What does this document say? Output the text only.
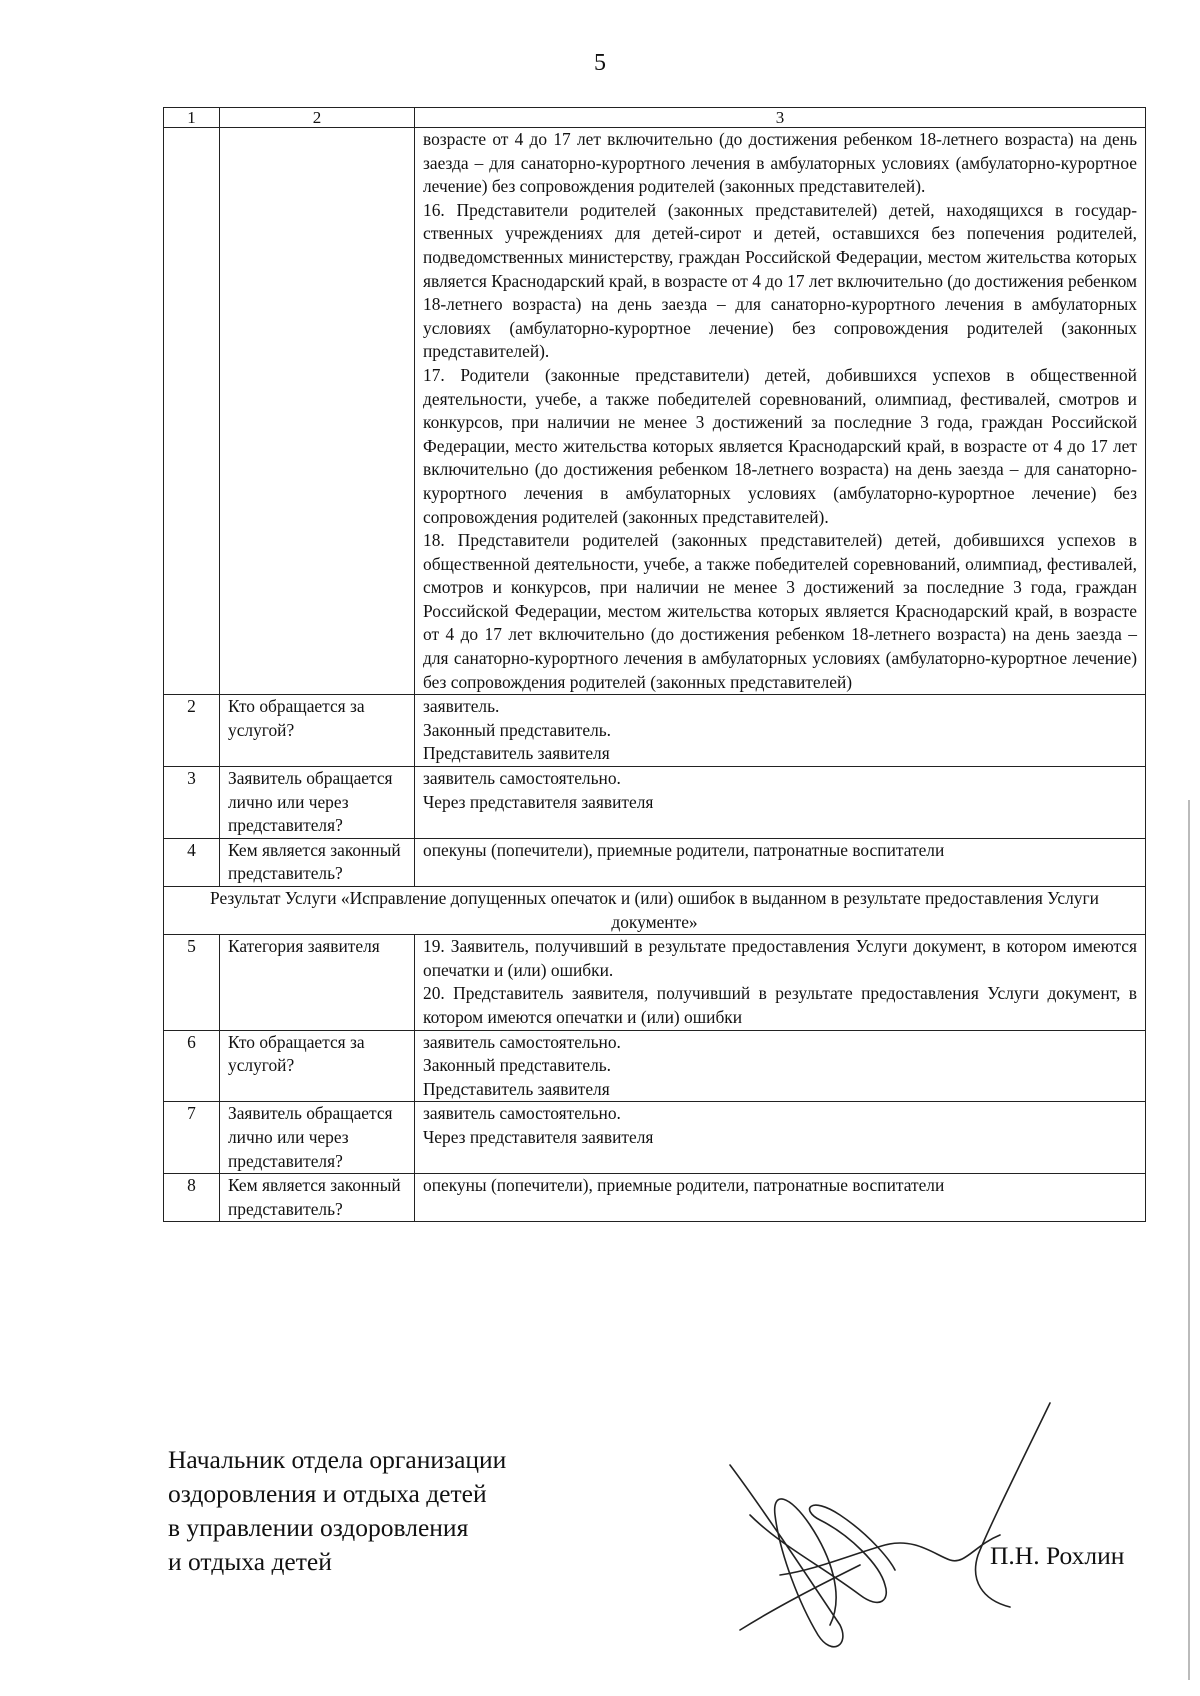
5
1	2	3

		возрасте от 4 до 17 лет включительно (до достижения ребенком 18-летнего возраста) на день заезда – для санаторно-курортного лечения в амбулаторных условиях (амбулаторно-курортное лечение) без сопровождения родителей (законных представителей).

16. Представители родителей (законных представителей) детей, находящихся в государ-ственных учреждениях для детей-сирот и детей, оставшихся без попечения родителей, подведомственных министерству, граждан Российской Федерации, местом жительства которых является Краснодарский край, в возрасте от 4 до 17 лет включительно (до достижения ребенком 18-летнего возраста) на день заезда – для санаторно-курортного лечения в амбулаторных условиях (амбулаторно-курортное лечение) без сопровождения родителей (законных представителей).

17. Родители (законные представители) детей, добившихся успехов в общественной деятельности, учебе, а также победителей соревнований, олимпиад, фестивалей, смотров и конкурсов, при наличии не менее 3 достижений за последние 3 года, граждан Российской Федерации, место жительства которых является Краснодарский край, в возрасте от 4 до 17 лет включительно (до достижения ребенком 18-летнего возраста) на день заезда – для санаторно-курортного лечения в амбулаторных условиях (амбулаторно-курортное лечение) без сопровождения родителей (законных представителей).

18. Представители родителей (законных представителей) детей, добившихся успехов в общественной деятельности, учебе, а также победителей соревнований, олимпиад, фестивалей, смотров и конкурсов, при наличии не менее 3 достижений за последние 3 года, граждан Российской Федерации, местом жительства которых является Краснодарский край, в возрасте от 4 до 17 лет включительно (до достижения ребенком 18-летнего возраста) на день заезда – для санаторно-курортного лечения в амбулаторных условиях (амбулаторно-курортное лечение) без сопровождения родителей (законных представителей)

2	Кто обращается за услугой?	заявитель.
Законный представитель.
Представитель заявителя

3	Заявитель обращается лично или через представителя?	заявитель самостоятельно.
Через представителя заявителя

4	Кем является законный представитель?	опекуны (попечители), приемные родители, патронатные воспитатели

Результат Услуги «Исправление допущенных опечаток и (или) ошибок в выданном в результате предоставления Услуги документе»		
5	Категория заявителя	19. Заявитель, получивший в результате предоставления Услуги документ, в котором имеются опечатки и (или) ошибки.

20. Представитель заявителя, получивший в результате предоставления Услуги документ, в котором имеются опечатки и (или) ошибки

6	Кто обращается за услугой?	заявитель самостоятельно.
Законный представитель.
Представитель заявителя

7	Заявитель обращается лично или через представителя?	заявитель самостоятельно.
Через представителя заявителя

8	Кем является законный представитель?	опекуны (попечители), приемные родители, патронатные воспитатели
Начальник отдела организации
оздоровления и отдыха детей
в управлении оздоровления
и отдыха детей	П.Н. Рохлин
